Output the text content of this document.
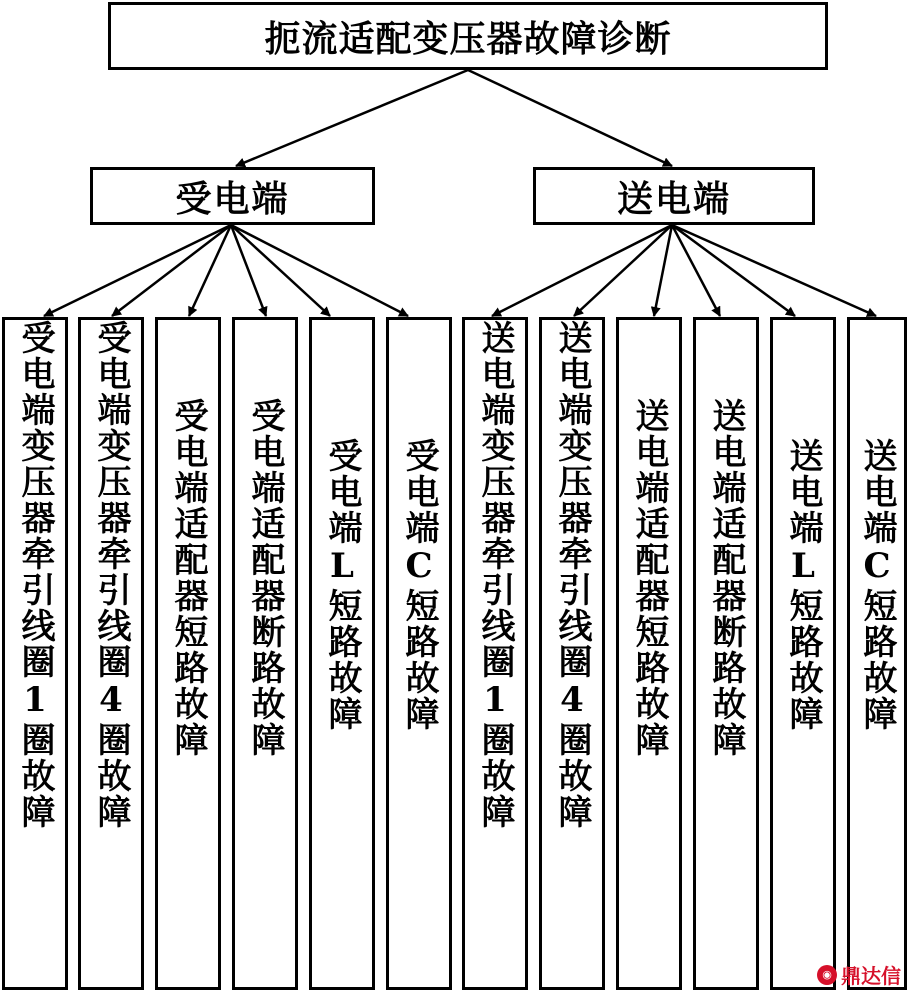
扼流适配变压器故障诊断
受电端	送电端
受电端变压器牵引线圈1圈故障 受电端变压器牵引线圈4圈故障 受电端适配器短路故障 受电端适配器断路故障 受电端L短路故障 受电端C短路故障 送电端变压器牵引线圈1圈故障 送电端变压器牵引线圈4圈故障 送电端适配器短路故障 送电端适配器断路故障 送电端L短路故障 送电端C短路故障
◉ 鼎达信
